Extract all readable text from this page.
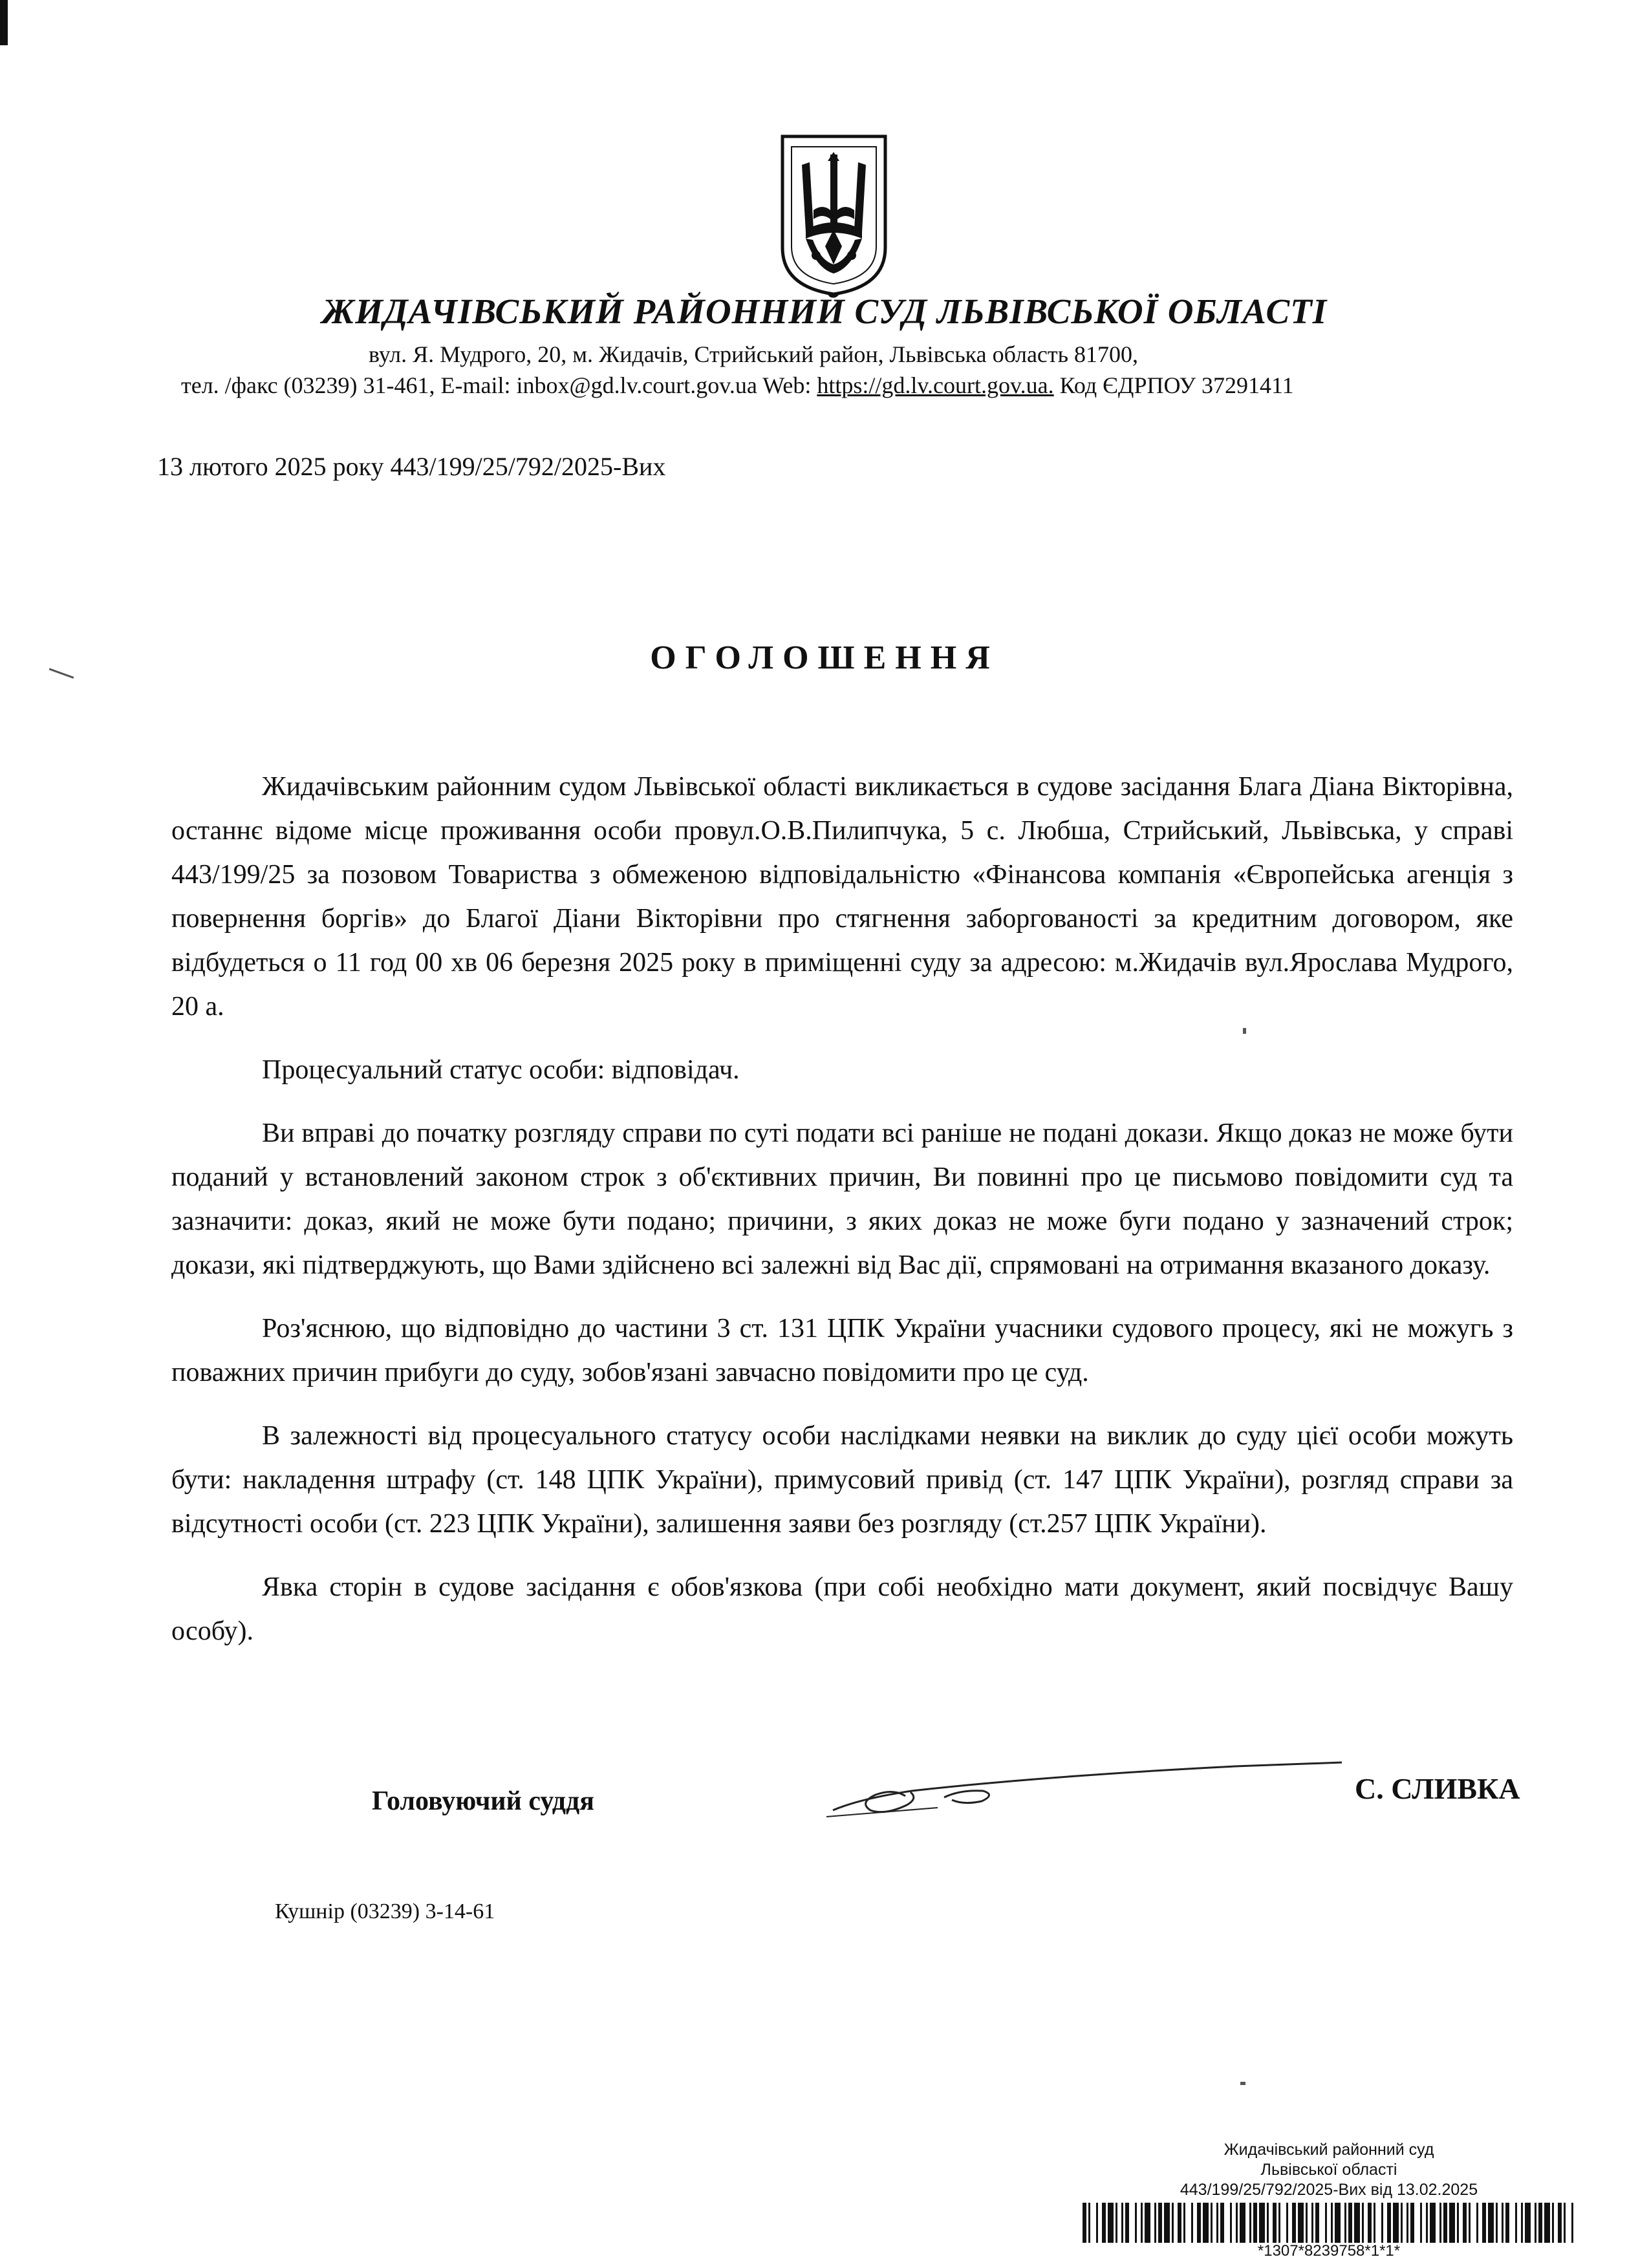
ЖИДАЧІВСЬКИЙ РАЙОННИЙ СУД ЛЬВІВСЬКОЇ ОБЛАСТІ
вул. Я. Мудрого, 20, м. Жидачів, Стрийський район, Львівська область 81700,
тел. /факс (03239) 31-461, E-mail: inbox@gd.lv.court.gov.ua Web: https://gd.lv.court.gov.ua. Код ЄДРПОУ 37291411
13 лютого 2025 року 443/199/25/792/2025-Вих
ОГОЛОШЕННЯ

Жидачівським районним судом Львівської області викликається в судове засідання Блага Діана Вікторівна, останнє відоме місце проживання особи провул.О.В.Пилипчука, 5 с. Любша, Стрийський, Львівська, у справі 443/199/25 за позовом Товариства з обмеженою відповідальністю «Фінансова компанія «Європейська агенція з повернення боргів» до Благої Діани Вікторівни про стягнення заборгованості за кредитним договором, яке відбудеться о 11 год 00 хв 06 березня 2025 року в приміщенні суду за адресою: м.Жидачів вул.Ярослава Мудрого, 20 а.

Процесуальний статус особи: відповідач.

Ви вправі до початку розгляду справи по суті подати всі раніше не подані докази. Якщо доказ не може бути поданий у встановлений законом строк з об'єктивних причин, Ви повинні про це письмово повідомити суд та зазначити: доказ, який не може бути подано; причини, з яких доказ не може буги подано у зазначений строк; докази, які підтверджують, що Вами здійснено всі залежні від Вас дії, спрямовані на отримання вказаного доказу.

Роз'яснюю, що відповідно до частини 3 ст. 131 ЦПК України учасники судового процесу, які не можугь з поважних причин прибуги до суду, зобов'язані завчасно повідомити про це суд.

В залежності від процесуального статусу особи наслідками неявки на виклик до суду цієї особи можуть бути: накладення штрафу (ст. 148 ЦПК України), примусовий привід (ст. 147 ЦПК України), розгляд справи за відсутності особи (ст. 223 ЦПК України), залишення заяви без розгляду (ст.257 ЦПК України).

Явка сторін в судове засідання є обов'язкова (при собі необхідно мати документ, який посвідчує Вашу особу).

Головуючий суддя	С. СЛИВКА
Кушнір (03239) 3-14-61
Жидачівський районний суд
Львівської області
443/199/25/792/2025-Вих від 13.02.2025
*1307*8239758*1*1*
